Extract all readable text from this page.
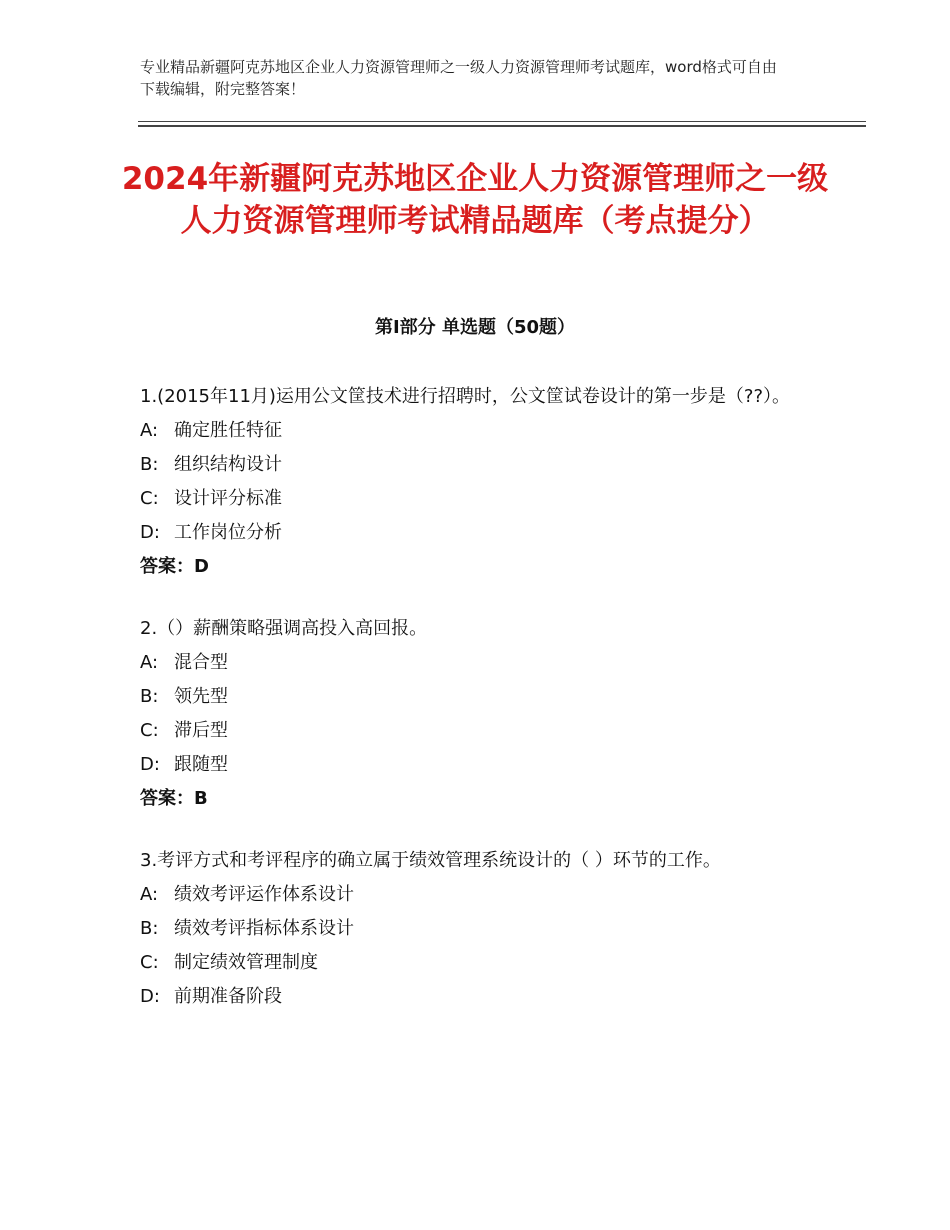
专业精品新疆阿克苏地区企业人力资源管理师之一级人力资源管理师考试题库，word格式可自由下载编辑，附完整答案！
2024年新疆阿克苏地区企业人力资源管理师之一级人力资源管理师考试精品题库（考点提分）
第Ⅰ部分 单选题（50题）

1.(2015年11月)运用公文筐技术进行招聘时，公文筐试卷设计的第一步是（??）。

A: 确定胜任特征

B: 组织结构设计

C: 设计评分标准

D: 工作岗位分析

答案：D

2.（）薪酬策略强调高投入高回报。

A: 混合型

B: 领先型

C: 滞后型

D: 跟随型

答案：B

3.考评方式和考评程序的确立属于绩效管理系统设计的（ ）环节的工作。

A: 绩效考评运作体系设计

B: 绩效考评指标体系设计

C: 制定绩效管理制度

D: 前期准备阶段
